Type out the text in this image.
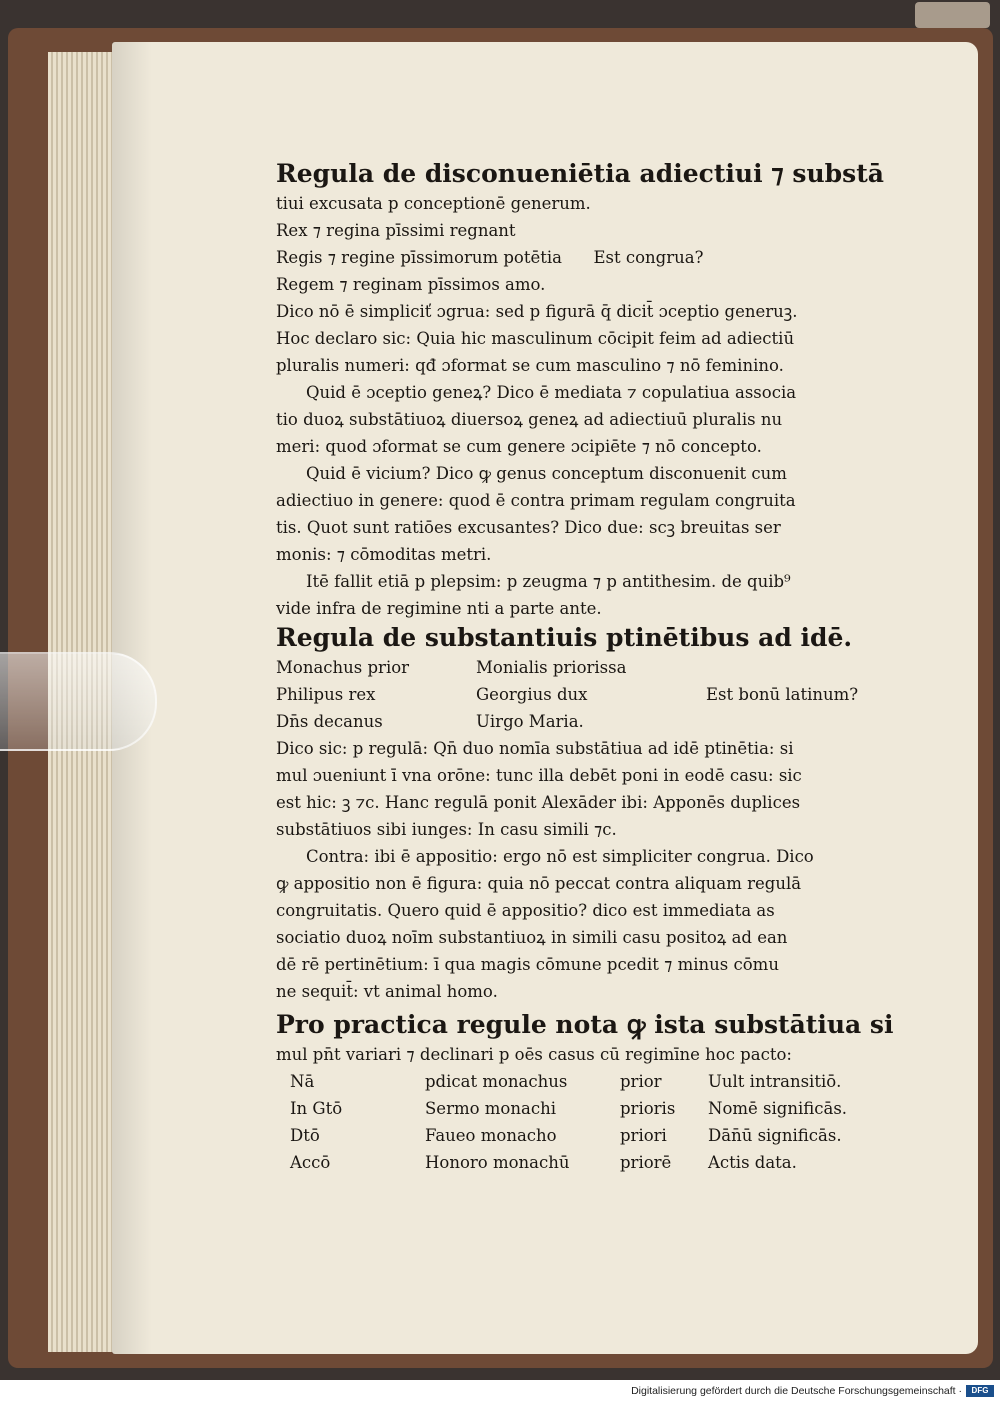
Regula de disconueniētia adiectiui ⁊ substā

tiui excusata p conceptionē generum.

Rex ⁊ regina pīssimi regnant

Regis ⁊ regine pīssimorum potētia Est congrua?

Regem ⁊ reginam pīssimos amo.

Dico nō ē simpliciť ɔgrua: sed p figurā q̄ dicit̄ ɔceptio generuꝫ.

Hoc declaro sic: Quia hic masculinum cōcipit feim ad adiectiū

pluralis numeri: qđ ɔformat se cum masculino ⁊ nō feminino.

Quid ē ɔceptio geneꝝ? Dico ē mediata ⁊ copulatiua associa

tio duoꝝ substātiuoꝝ diuersoꝝ geneꝝ ad adiectiuū pluralis nu

meri: quod ɔformat se cum genere ɔcipiēte ⁊ nō concepto.

Quid ē vicium? Dico ꝙ genus conceptum disconuenit cum

adiectiuo in genere: quod ē contra primam regulam congruita

tis. Quot sunt ratiōes excusantes? Dico due: scꝫ breuitas ser

monis: ⁊ cōmoditas metri.

Itē fallit etiā p plepsim: p zeugma ⁊ p antithesim. de quib⁹

vide infra de regimine nti a parte ante.

Regula de substantiuis ptinētibus ad idē.

Monachus prior	Monialis priorissa
Philipus rex	Georgius dux	Est bonū latinum?
Dn̄s decanus	Uirgo Maria.

Dico sic: p regulā: Qn̄ duo nomīa substātiua ad idē ptinētia: si

mul ɔueniunt ī vna orōne: tunc illa debēt poni in eodē casu: sic

est hic: ꝫ ⁊c. Hanc regulā ponit Alexāder ibi: Apponēs duplices

substātiuos sibi iunges: In casu simili ⁊c.

Contra: ibi ē appositio: ergo nō est simpliciter congrua. Dico

ꝙ appositio non ē figura: quia nō peccat contra aliquam regulā

congruitatis. Quero quid ē appositio? dico est immediata as

sociatio duoꝝ noīm substantiuoꝝ in simili casu positoꝝ ad ean

dē rē pertinētium: ī qua magis cōmune pcedit ⁊ minus cōmu

ne sequit̄: vt animal homo.

Pro practica regule nota ꝙ ista substātiua si

mul pn̄t variari ⁊ declinari p oēs casus cū regimīne hoc pacto:

Nā	pdicat monachus	prior	Uult intransitiō.
In Gtō	Sermo monachi	prioris	Nomē significās.
Dtō	Faueo monacho	priori	Dān̄ū significās.
Accō	Honoro monachū	priorē	Actis data.
Digitalisierung gefördert durch die Deutsche Forschungsgemeinschaft ·	DFG
